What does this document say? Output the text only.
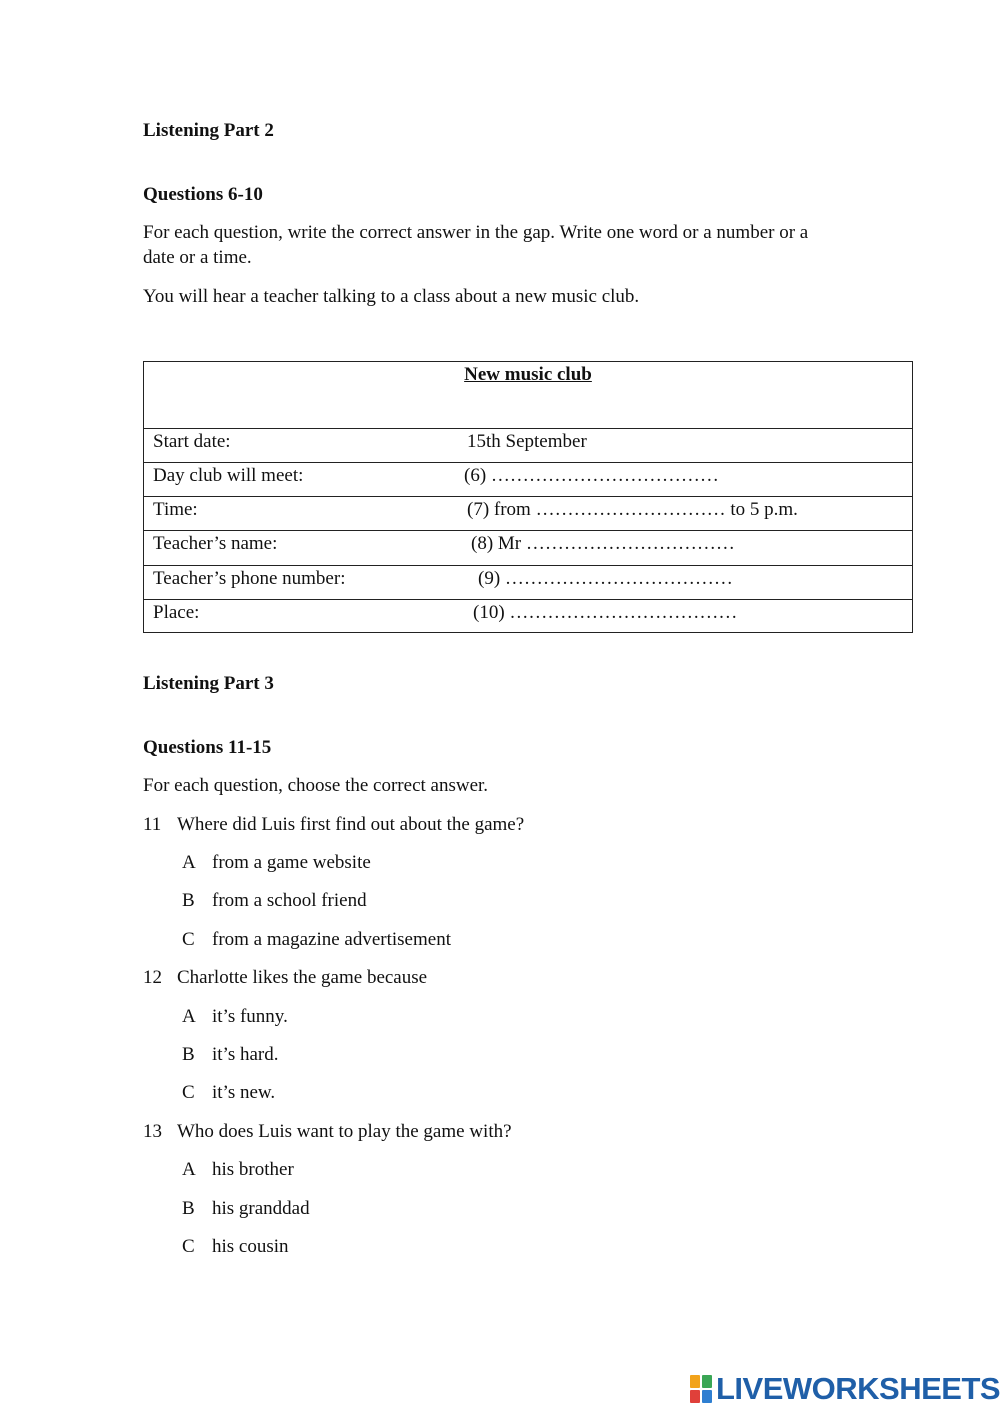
Listening Part 2
Questions 6-10
For each question, write the correct answer in the gap. Write one word or a number or a
date or a time.
You will hear a teacher talking to a class about a new music club.
New music club
Start date:	15th September
Day club will meet:	(6) ………………………………
Time:	(7) from ………………………… to 5 p.m.
Teacher’s name:	(8) Mr ……………………………
Teacher’s phone number:	(9) ………………………………
Place:	(10) ………………………………
Listening Part 3
Questions 11-15
For each question, choose the correct answer.
11 Where did Luis first find out about the game?
A from a game website
B from a school friend
C from a magazine advertisement
12 Charlotte likes the game because
A it’s funny.
B it’s hard.
C it’s new.
13 Who does Luis want to play the game with?
A his brother
B his granddad
C his cousin
LIVEWORKSHEETS
